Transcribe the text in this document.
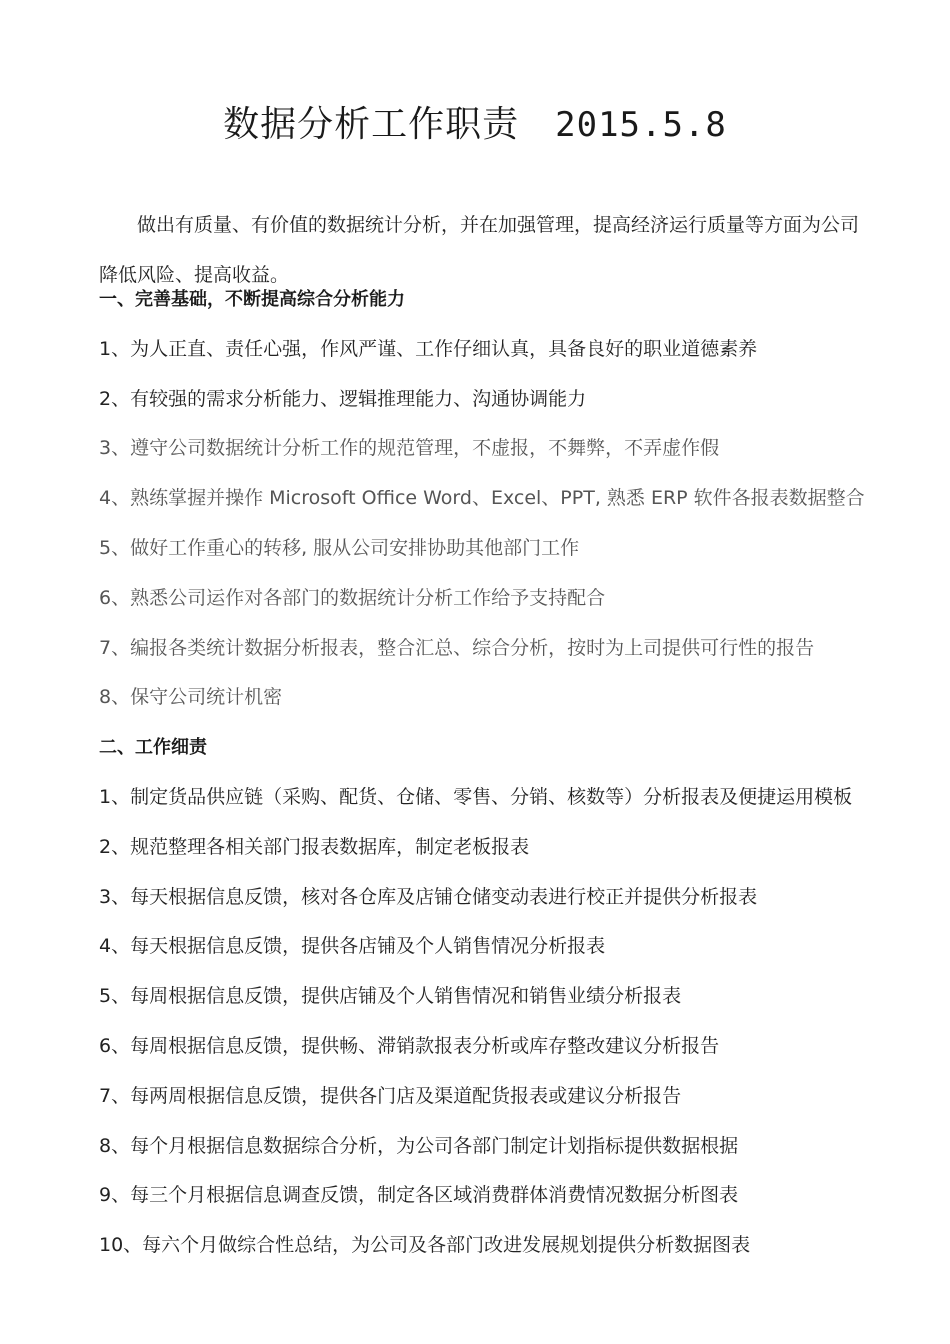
数据分析工作职责 2015.5.8

做出有质量、有价值的数据统计分析，并在加强管理，提高经济运行质量等方面为公司降低风险、提高收益。

一、完善基础，不断提高综合分析能力
1、为人正直、责任心强，作风严谨、工作仔细认真，具备良好的职业道德素养
2、有较强的需求分析能力、逻辑推理能力、沟通协调能力
3、遵守公司数据统计分析工作的规范管理，不虚报，不舞弊，不弄虚作假
4、熟练掌握并操作 Microsoft Office Word、Excel、PPT, 熟悉 ERP 软件各报表数据整合
5、做好工作重心的转移, 服从公司安排协助其他部门工作
6、熟悉公司运作对各部门的数据统计分析工作给予支持配合
7、编报各类统计数据分析报表，整合汇总、综合分析，按时为上司提供可行性的报告
8、保守公司统计机密
二、工作细责
1、制定货品供应链（采购、配货、仓储、零售、分销、核数等）分析报表及便捷运用模板
2、规范整理各相关部门报表数据库，制定老板报表
3、每天根据信息反馈，核对各仓库及店铺仓储变动表进行校正并提供分析报表
4、每天根据信息反馈，提供各店铺及个人销售情况分析报表
5、每周根据信息反馈，提供店铺及个人销售情况和销售业绩分析报表
6、每周根据信息反馈，提供畅、滞销款报表分析或库存整改建议分析报告
7、每两周根据信息反馈，提供各门店及渠道配货报表或建议分析报告
8、每个月根据信息数据综合分析，为公司各部门制定计划指标提供数据根据
9、每三个月根据信息调查反馈，制定各区域消费群体消费情况数据分析图表
10、每六个月做综合性总结，为公司及各部门改进发展规划提供分析数据图表
